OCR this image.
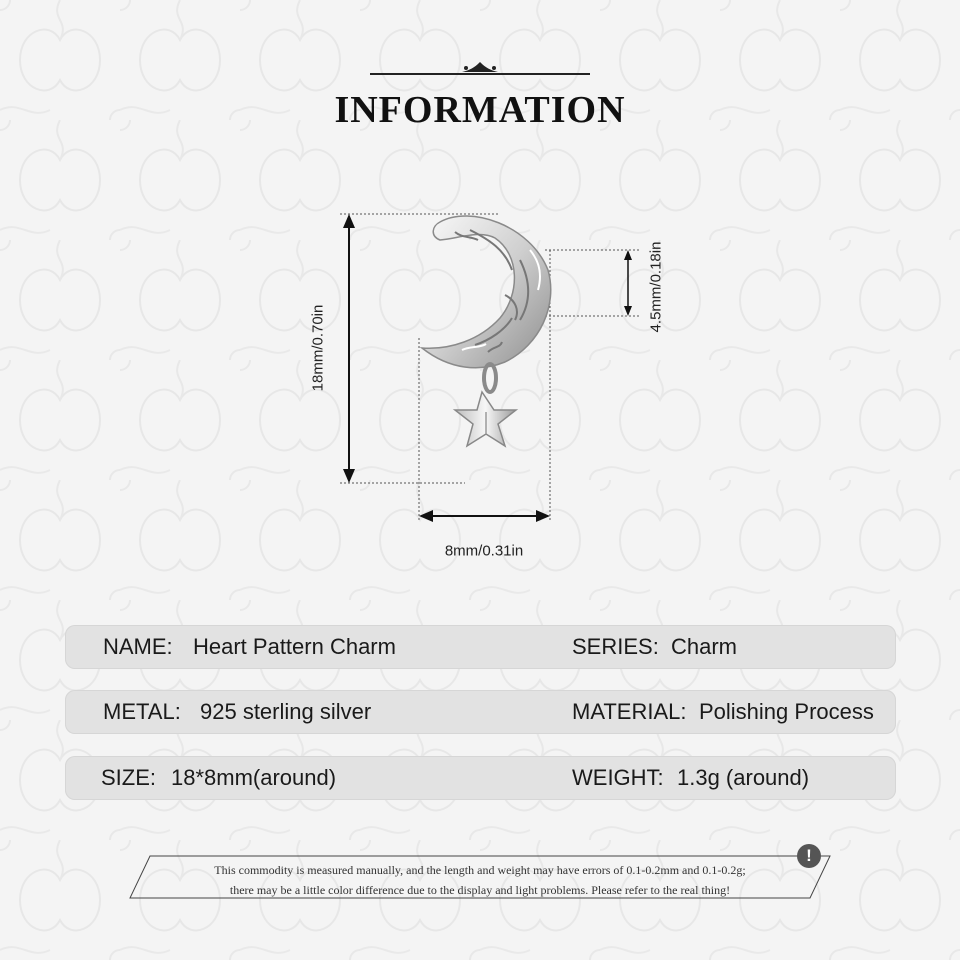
INFORMATION
18mm/0.70in
4.5mm/0.18in
8mm/0.31in
NAME: Heart Pattern Charm	SERIES: Charm
METAL: 925 sterling silver	MATERIAL: Polishing Process
SIZE: 18*8mm(around)	WEIGHT: 1.3g (around)
This commodity is measured manually, and the length and weight may have errors of 0.1-0.2mm and 0.1-0.2g;
there may be a little color difference due to the display and light problems. Please refer to the real thing!
!
